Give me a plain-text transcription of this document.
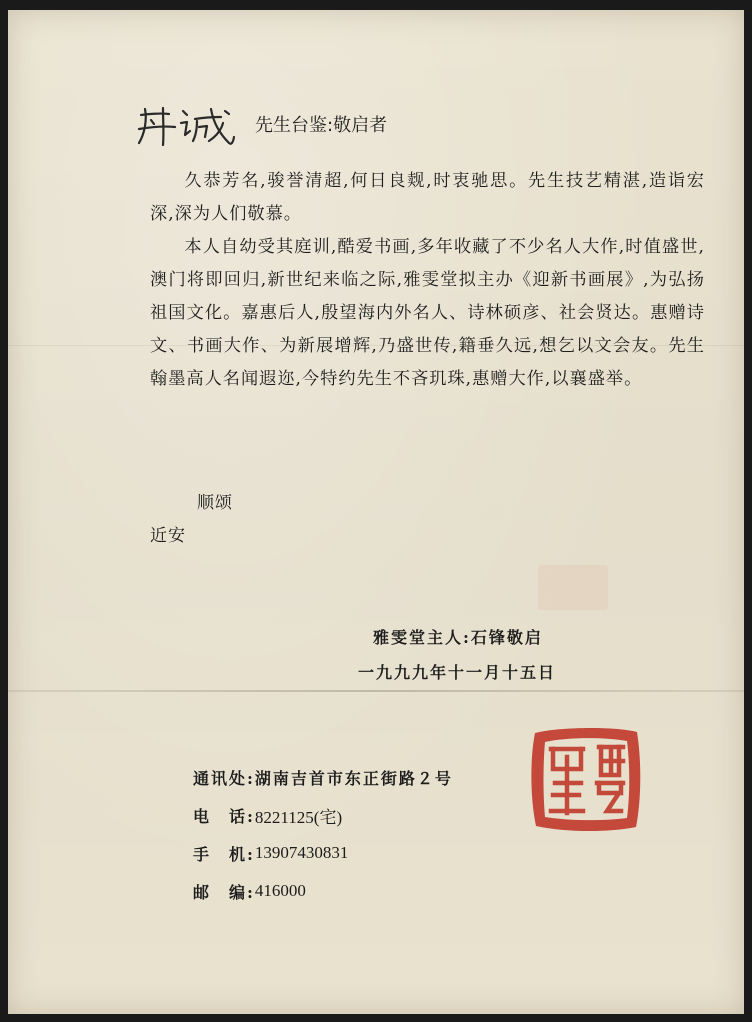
先生台鉴:敬启者

久恭芳名,骏誉清超,何日良觌,时衷驰思。先生技艺精湛,造诣宏深,深为人们敬慕。

本人自幼受其庭训,酷爱书画,多年收藏了不少名人大作,时值盛世,澳门将即回归,新世纪来临之际,雅雯堂拟主办《迎新书画展》,为弘扬祖国文化。嘉惠后人,殷望海内外名人、诗林硕彦、社会贤达。惠赠诗文、书画大作、为新展增辉,乃盛世传,籍垂久远,想乞以文会友。先生翰墨高人名闻遐迩,今特约先生不吝玑珠,惠赠大作,以襄盛举。

顺颂
近安
雅雯堂主人:石锋敬启
一九九九年十一月十五日
通讯处: 湖南吉首市东正街路２号
电　话: 8221125(宅)
手　机: 13907430831
邮　编: 416000
